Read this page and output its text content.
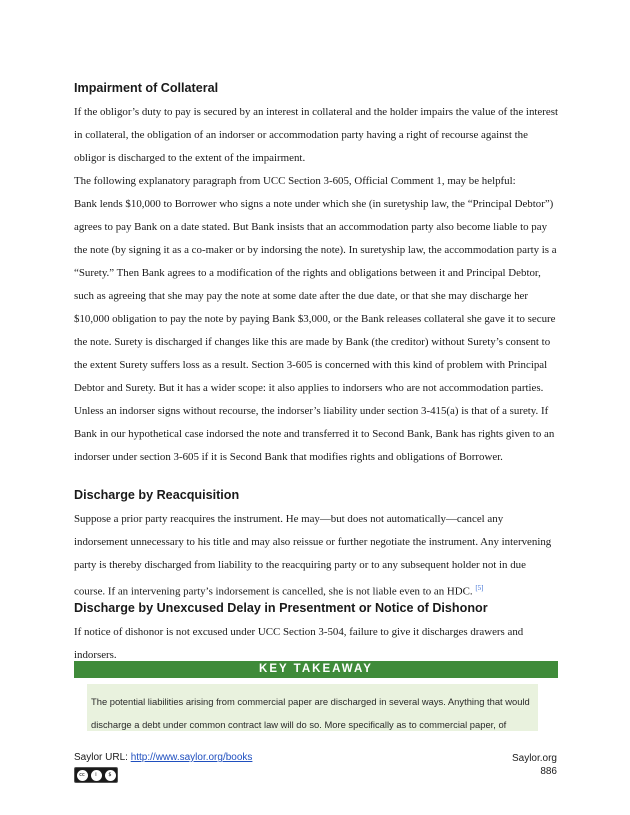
Impairment of Collateral

If the obligor’s duty to pay is secured by an interest in collateral and the holder impairs the value of the interest in collateral, the obligation of an indorser or accommodation party having a right of recourse against the obligor is discharged to the extent of the impairment.

The following explanatory paragraph from UCC Section 3-605, Official Comment 1, may be helpful:

Bank lends $10,000 to Borrower who signs a note under which she (in suretyship law, the “Principal Debtor”) agrees to pay Bank on a date stated. But Bank insists that an accommodation party also become liable to pay the note (by signing it as a co-maker or by indorsing the note). In suretyship law, the accommodation party is a “Surety.” Then Bank agrees to a modification of the rights and obligations between it and Principal Debtor, such as agreeing that she may pay the note at some date after the due date, or that she may discharge her $10,000 obligation to pay the note by paying Bank $3,000, or the Bank releases collateral she gave it to secure the note. Surety is discharged if changes like this are made by Bank (the creditor) without Surety’s consent to the extent Surety suffers loss as a result. Section 3-605 is concerned with this kind of problem with Principal Debtor and Surety. But it has a wider scope: it also applies to indorsers who are not accommodation parties. Unless an indorser signs without recourse, the indorser’s liability under section 3-415(a) is that of a surety. If Bank in our hypothetical case indorsed the note and transferred it to Second Bank, Bank has rights given to an indorser under section 3-605 if it is Second Bank that modifies rights and obligations of Borrower.

Discharge by Reacquisition

Suppose a prior party reacquires the instrument. He may—but does not automatically—cancel any indorsement unnecessary to his title and may also reissue or further negotiate the instrument. Any intervening party is thereby discharged from liability to the reacquiring party or to any subsequent holder not in due course. If an intervening party’s indorsement is cancelled, she is not liable even to an HDC. [5]

Discharge by Unexcused Delay in Presentment or Notice of Dishonor

If notice of dishonor is not excused under UCC Section 3-504, failure to give it discharges drawers and indorsers.

KEY TAKEAWAY

The potential liabilities arising from commercial paper are discharged in several ways. Anything that would discharge a debt under common contract law will do so. More specifically as to commercial paper, of

Saylor URL: http://www.saylor.org/books	Saylor.org
886
cc	i	$
